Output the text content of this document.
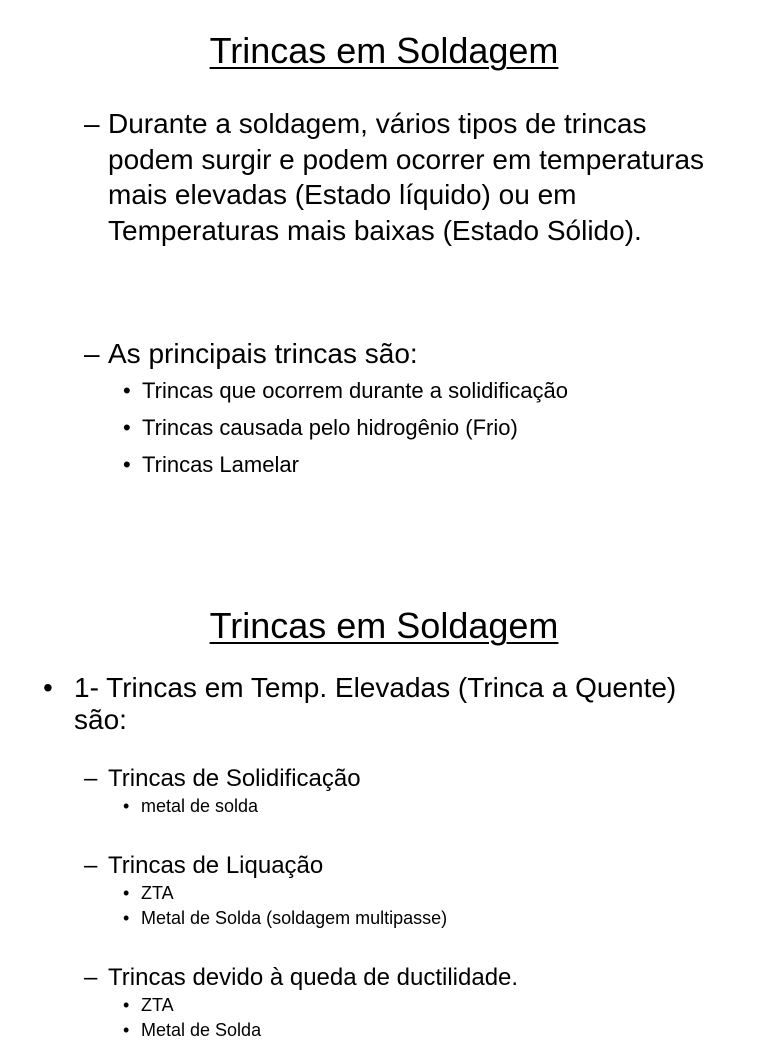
Trincas em Soldagem
– Durante a soldagem, vários tipos de trincas podem surgir e podem ocorrer em temperaturas mais elevadas (Estado líquido) ou em Temperaturas mais baixas (Estado Sólido).
– As principais trincas são:
• Trincas que ocorrem durante a solidificação
• Trincas causada pelo hidrogênio (Frio)
• Trincas Lamelar
Trincas em Soldagem
• 1- Trincas em Temp. Elevadas (Trinca a Quente) são:
– Trincas de Solidificação
• metal de solda
– Trincas de Liquação
• ZTA
• Metal de Solda (soldagem multipasse)
– Trincas devido à queda de ductilidade.
• ZTA
• Metal de Solda
